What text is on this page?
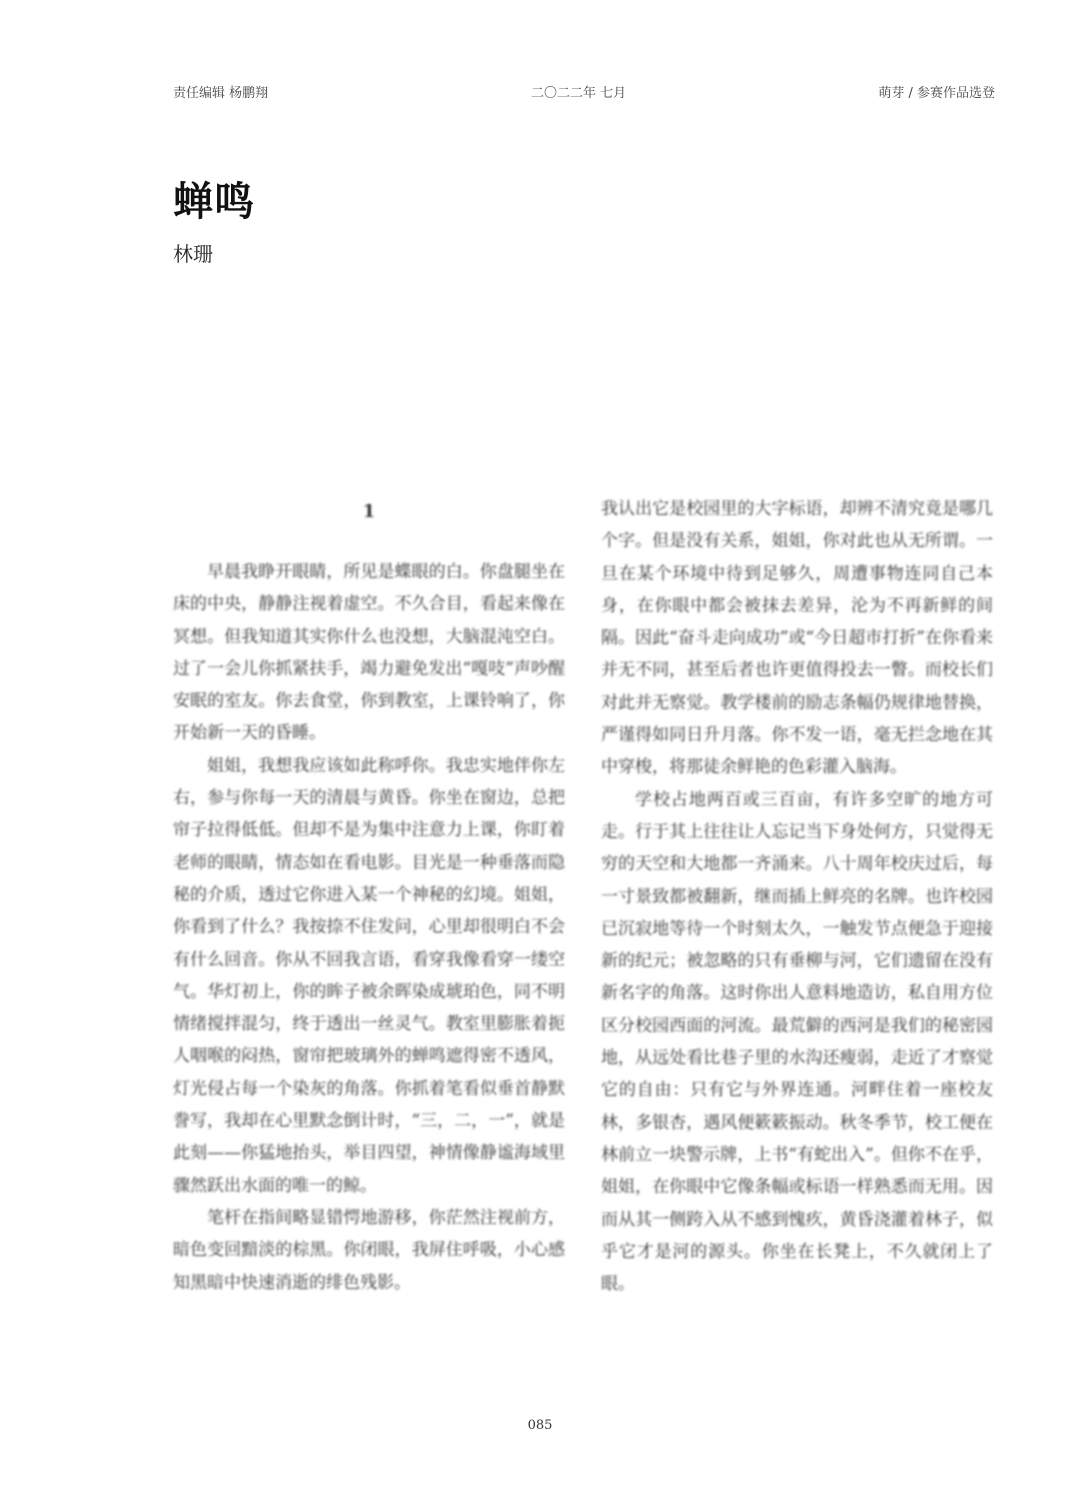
责任编辑 杨鹏翔	二〇二二年 七月	萌芽 / 参赛作品选登
蝉鸣
林珊
1

早晨我睁开眼睛，所见是蝶眼的白。你盘腿坐在床的中央，静静注视着虚空。不久合目，看起来像在冥想。但我知道其实你什么也没想，大脑混沌空白。过了一会儿你抓紧扶手，竭力避免发出“嘎吱”声吵醒安眠的室友。你去食堂，你到教室，上课铃响了，你开始新一天的昏睡。

姐姐，我想我应该如此称呼你。我忠实地伴你左右，参与你每一天的清晨与黄昏。你坐在窗边，总把帘子拉得低低。但却不是为集中注意力上课，你盯着老师的眼睛，情态如在看电影。目光是一种垂落而隐秘的介质，透过它你进入某一个神秘的幻境。姐姐，你看到了什么？我按捺不住发问，心里却很明白不会有什么回音。你从不回我言语，看穿我像看穿一缕空气。华灯初上，你的眸子被余晖染成琥珀色，同不明情绪搅拌混匀，终于透出一丝灵气。教室里膨胀着扼人咽喉的闷热，窗帘把玻璃外的蝉鸣遮得密不透风，灯光侵占每一个染灰的角落。你抓着笔看似垂首静默誊写，我却在心里默念倒计时，“三，二，一”，就是此刻——你猛地抬头，举目四望，神情像静谧海域里骤然跃出水面的唯一的鲸。

笔杆在指间略显错愕地游移，你茫然注视前方，暗色变回黯淡的棕黑。你闭眼，我屏住呼吸，小心感知黑暗中快速消逝的绯色残影。

我认出它是校园里的大字标语，却辨不清究竟是哪几个字。但是没有关系，姐姐，你对此也从无所谓。一旦在某个环境中待到足够久，周遭事物连同自己本身，在你眼中都会被抹去差异，沦为不再新鲜的间隔。因此“奋斗走向成功”或“今日超市打折”在你看来并无不同，甚至后者也许更值得投去一瞥。而校长们对此并无察觉。教学楼前的励志条幅仍规律地替换，严谨得如同日升月落。你不发一语，毫无拦念地在其中穿梭，将那徒余鲜艳的色彩灌入脑海。

学校占地两百或三百亩，有许多空旷的地方可走。行于其上往往让人忘记当下身处何方，只觉得无穷的天空和大地都一齐涌来。八十周年校庆过后，每一寸景致都被翻新，继而插上鲜亮的名牌。也许校园已沉寂地等待一个时刻太久，一触发节点便急于迎接新的纪元；被忽略的只有垂柳与河，它们遗留在没有新名字的角落。这时你出人意料地造访，私自用方位区分校园西面的河流。最荒僻的西河是我们的秘密园地，从远处看比巷子里的水沟还瘦弱，走近了才察觉它的自由：只有它与外界连通。河畔住着一座校友林，多银杏，遇风便簌簌振动。秋冬季节，校工便在林前立一块警示牌，上书“有蛇出入”。但你不在乎，姐姐，在你眼中它像条幅或标语一样熟悉而无用。因而从其一侧跨入从不感到愧疚，黄昏浇灌着林子，似乎它才是河的源头。你坐在长凳上，不久就闭上了眼。

085
